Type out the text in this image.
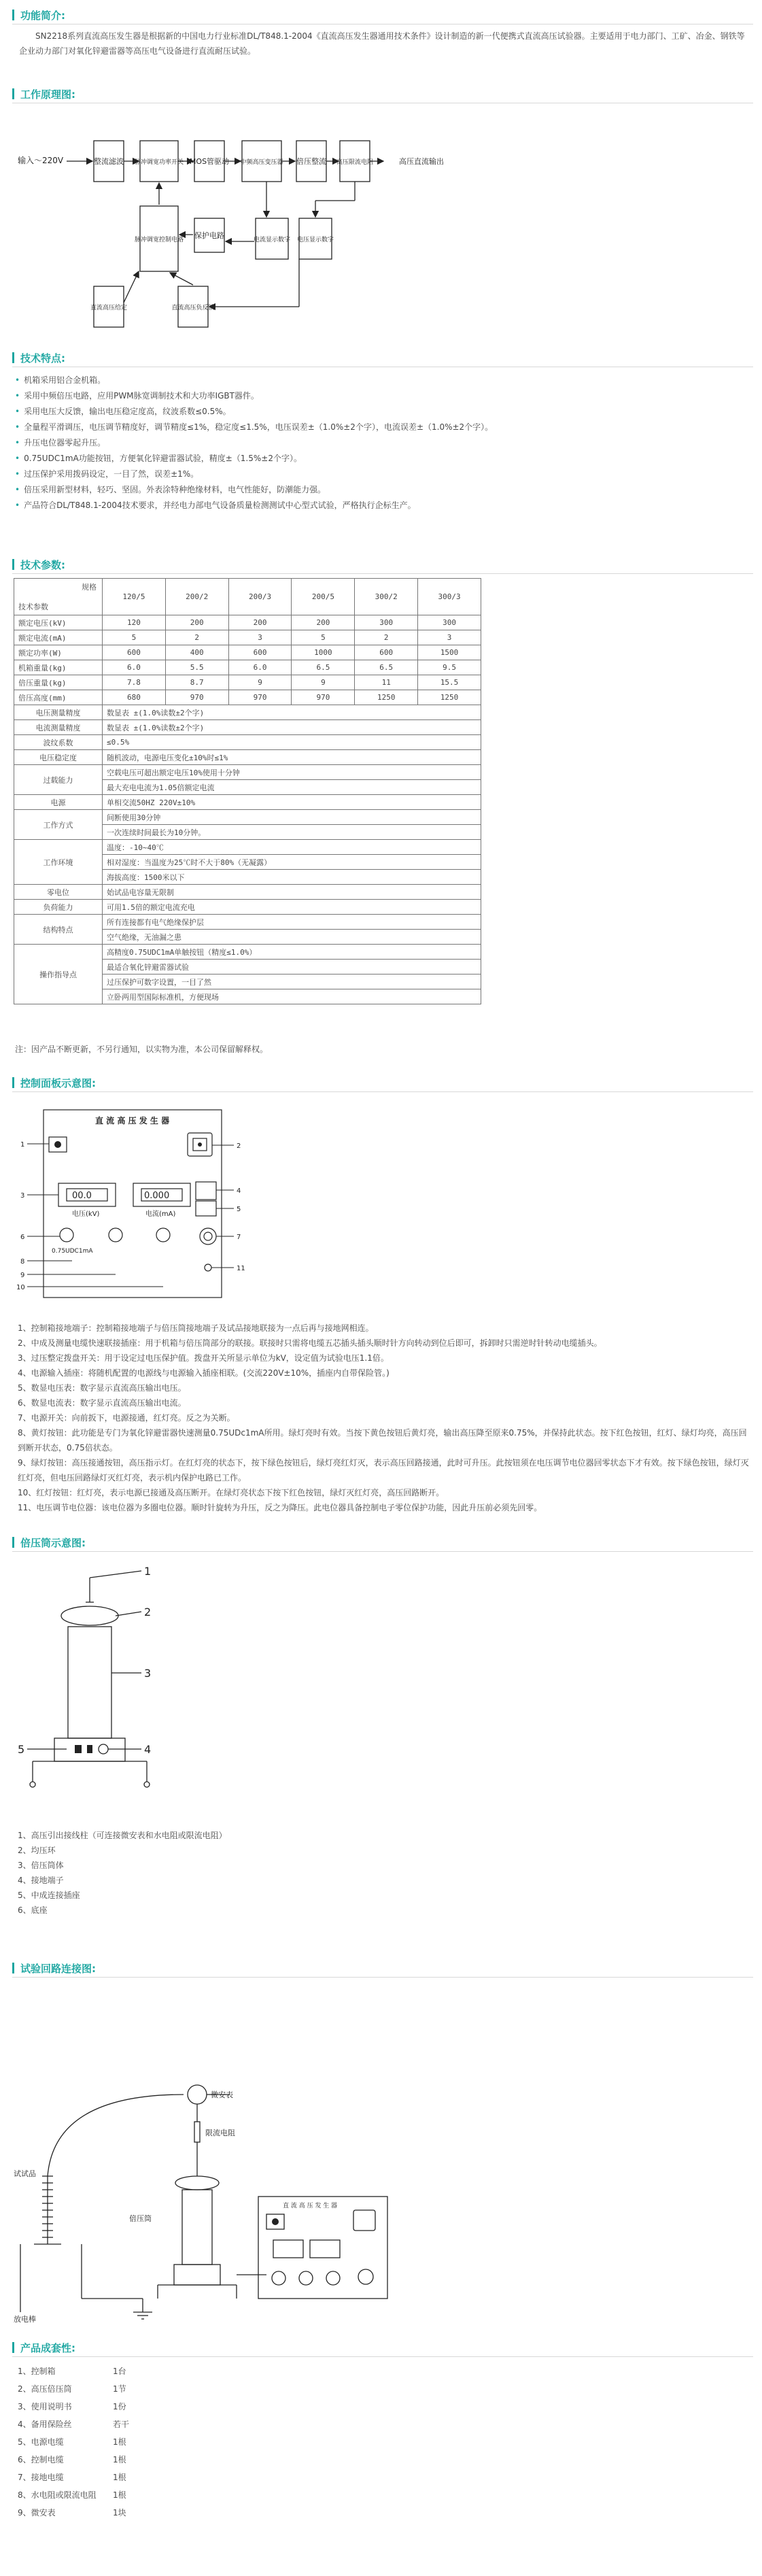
功能简介:

SN2218系列直流高压发生器是根据新的中国电力行业标准DL/T848.1-2004《直流高压发生器通用技术条件》设计制造的新一代便携式直流高压试验器。主要适用于电力部门、工矿、冶金、钢铁等企业动力部门对氧化锌避雷器等高压电气设备进行直流耐压试验。

工作原理图:
输入～220V	整流滤波 脉冲调宽功率开关 MOS管驱动 中频高压变压器 倍压整流 高压限流电阻	高压直流输出
脉冲调宽控制电路 保护电路	电流显示数字 电压显示数字
直流高压给定	直流高压负反馈
技术特点:
• 机箱采用铝合金机箱。
• 采用中频倍压电路，应用PWM脉宽调制技术和大功率IGBT器件。
• 采用电压大反馈，输出电压稳定度高，纹波系数≤0.5%。
• 全量程平滑调压，电压调节精度好，调节精度≤1%，稳定度≤1.5%，电压误差±（1.0%±2个字），电流误差±（1.0%±2个字）。
• 升压电位器零起升压。
• 0.75UDC1mA功能按钮，方便氧化锌避雷器试验，精度±（1.5%±2个字）。
• 过压保护采用拨码设定，一目了然，误差±1%。
• 倍压采用新型材料，轻巧、坚固。外表涂特种绝缘材料，电气性能好，防潮能力强。
• 产品符合DL/T848.1-2004技术要求，并经电力部电气设备质量检测测试中心型式试验，严格执行企标生产。
技术参数:
规格
技术参数	120/5	200/2	200/3	200/5	300/2	300/3
额定电压(kV)	120	200	200	200	300	300
额定电流(mA)	5	2	3	5	2	3
额定功率(W)	600	400	600	1000	600	1500
机箱重量(kg)	6.0	5.5	6.0	6.5	6.5	9.5
倍压重量(kg)	7.8	8.7	9	9	11	15.5
倍压高度(mm)	680	970	970	970	1250	1250
电压测量精度	数显表 ±(1.0%读数±2个字)					
电流测量精度	数显表 ±(1.0%读数±2个字)					
波纹系数	≤0.5%					
电压稳定度	随机波动，电源电压变化±10%时≤1%					
过载能力	空载电压可超出额定电压10%使用十分钟					
	最大充电电流为1.05倍额定电流					
电源	单相交流50HZ 220V±10%					
工作方式	间断使用30分钟					
	一次连续时间最长为10分钟。					
工作环境	温度：-10~40℃					
	相对湿度：当温度为25℃时不大于80%（无凝露）					
	海拔高度：1500米以下					
零电位	始试品电容量无限制					
负荷能力	可用1.5倍的额定电流充电					
结构特点	所有连接都有电气绝缘保护层					
	空气绝缘，无油漏之患					
操作指导点	高精度0.75UDC1mA单触按钮（精度≤1.0%）					
	最适合氧化锌避雷器试验					
	过压保护可数字设置，一目了然					
	立卧两用型国际标准机，方便现场					

注：因产品不断更新，不另行通知，以实物为准，本公司保留解释权。

控制面板示意图:
直 流 高 压 发 生 器
00.0	0.000
电压(kV)	电流(mA)
0.75UDC1mA
1	2
3
4
5
6	7
8
9
10
11
1、控制箱接地端子：控制箱接地端子与倍压筒接地端子及试品接地联接为一点后再与接地网相连。
2、中成及测量电缆快速联接插座：用于机箱与倍压筒部分的联接。联接时只需将电缆五芯插头插头顺时针方向转动到位后即可，拆卸时只需逆时针转动电缆插头。
3、过压整定拨盘开关：用于设定过电压保护值。拨盘开关所显示单位为kV，设定值为试验电压1.1倍。
4、电源输入插座：将随机配置的电源线与电源输入插座相联。(交流220V±10%，插座内自带保险管。)
5、数显电压表：数字显示直流高压输出电压。
6、数显电流表：数字显示直流高压输出电流。
7、电源开关：向前扳下，电源接通，红灯亮。反之为关断。
8、黄灯按钮：此功能是专门为氧化锌避雷器快速测量0.75UDc1mA所用。绿灯亮时有效。当按下黄色按钮后黄灯亮，输出高压降至原来0.75%，并保持此状态。按下红色按钮，红灯、绿灯均亮，高压回到断开状态，0.75倍状态。
9、绿灯按钮：高压接通按钮，高压指示灯。在红灯亮的状态下，按下绿色按钮后，绿灯亮红灯灭，表示高压回路接通，此时可升压。此按钮须在电压调节电位器回零状态下才有效。按下绿色按钮，绿灯灭红灯亮，但电压回路绿灯灭红灯亮，表示机内保护电路已工作。
10、红灯按钮：红灯亮，表示电源已接通及高压断开。在绿灯亮状态下按下红色按钮，绿灯灭红灯亮，高压回路断开。
11、电压调节电位器：该电位器为多圈电位器。顺时针旋转为升压，反之为降压。此电位器具备控制电子零位保护功能，因此升压前必须先回零。
倍压筒示意图:
1
2
3
4
5
1、高压引出接线柱（可连接微安表和水电阻或限流电阻）
2、均压环
3、倍压筒体
4、接地端子
5、中成连接插座
6、底座
试验回路连接图:
微安表
限流电阻
试试品
倍压筒
放电棒
直 流 高 压 发 生 器
产品成套性:
1、控制箱	1台
2、高压倍压筒	1节
3、使用说明书	1份
4、备用保险丝	若干
5、电源电缆	1根
6、控制电缆	1根
7、接地电缆	1根
8、水电阻或限流电阻 1根
9、微安表	1块
